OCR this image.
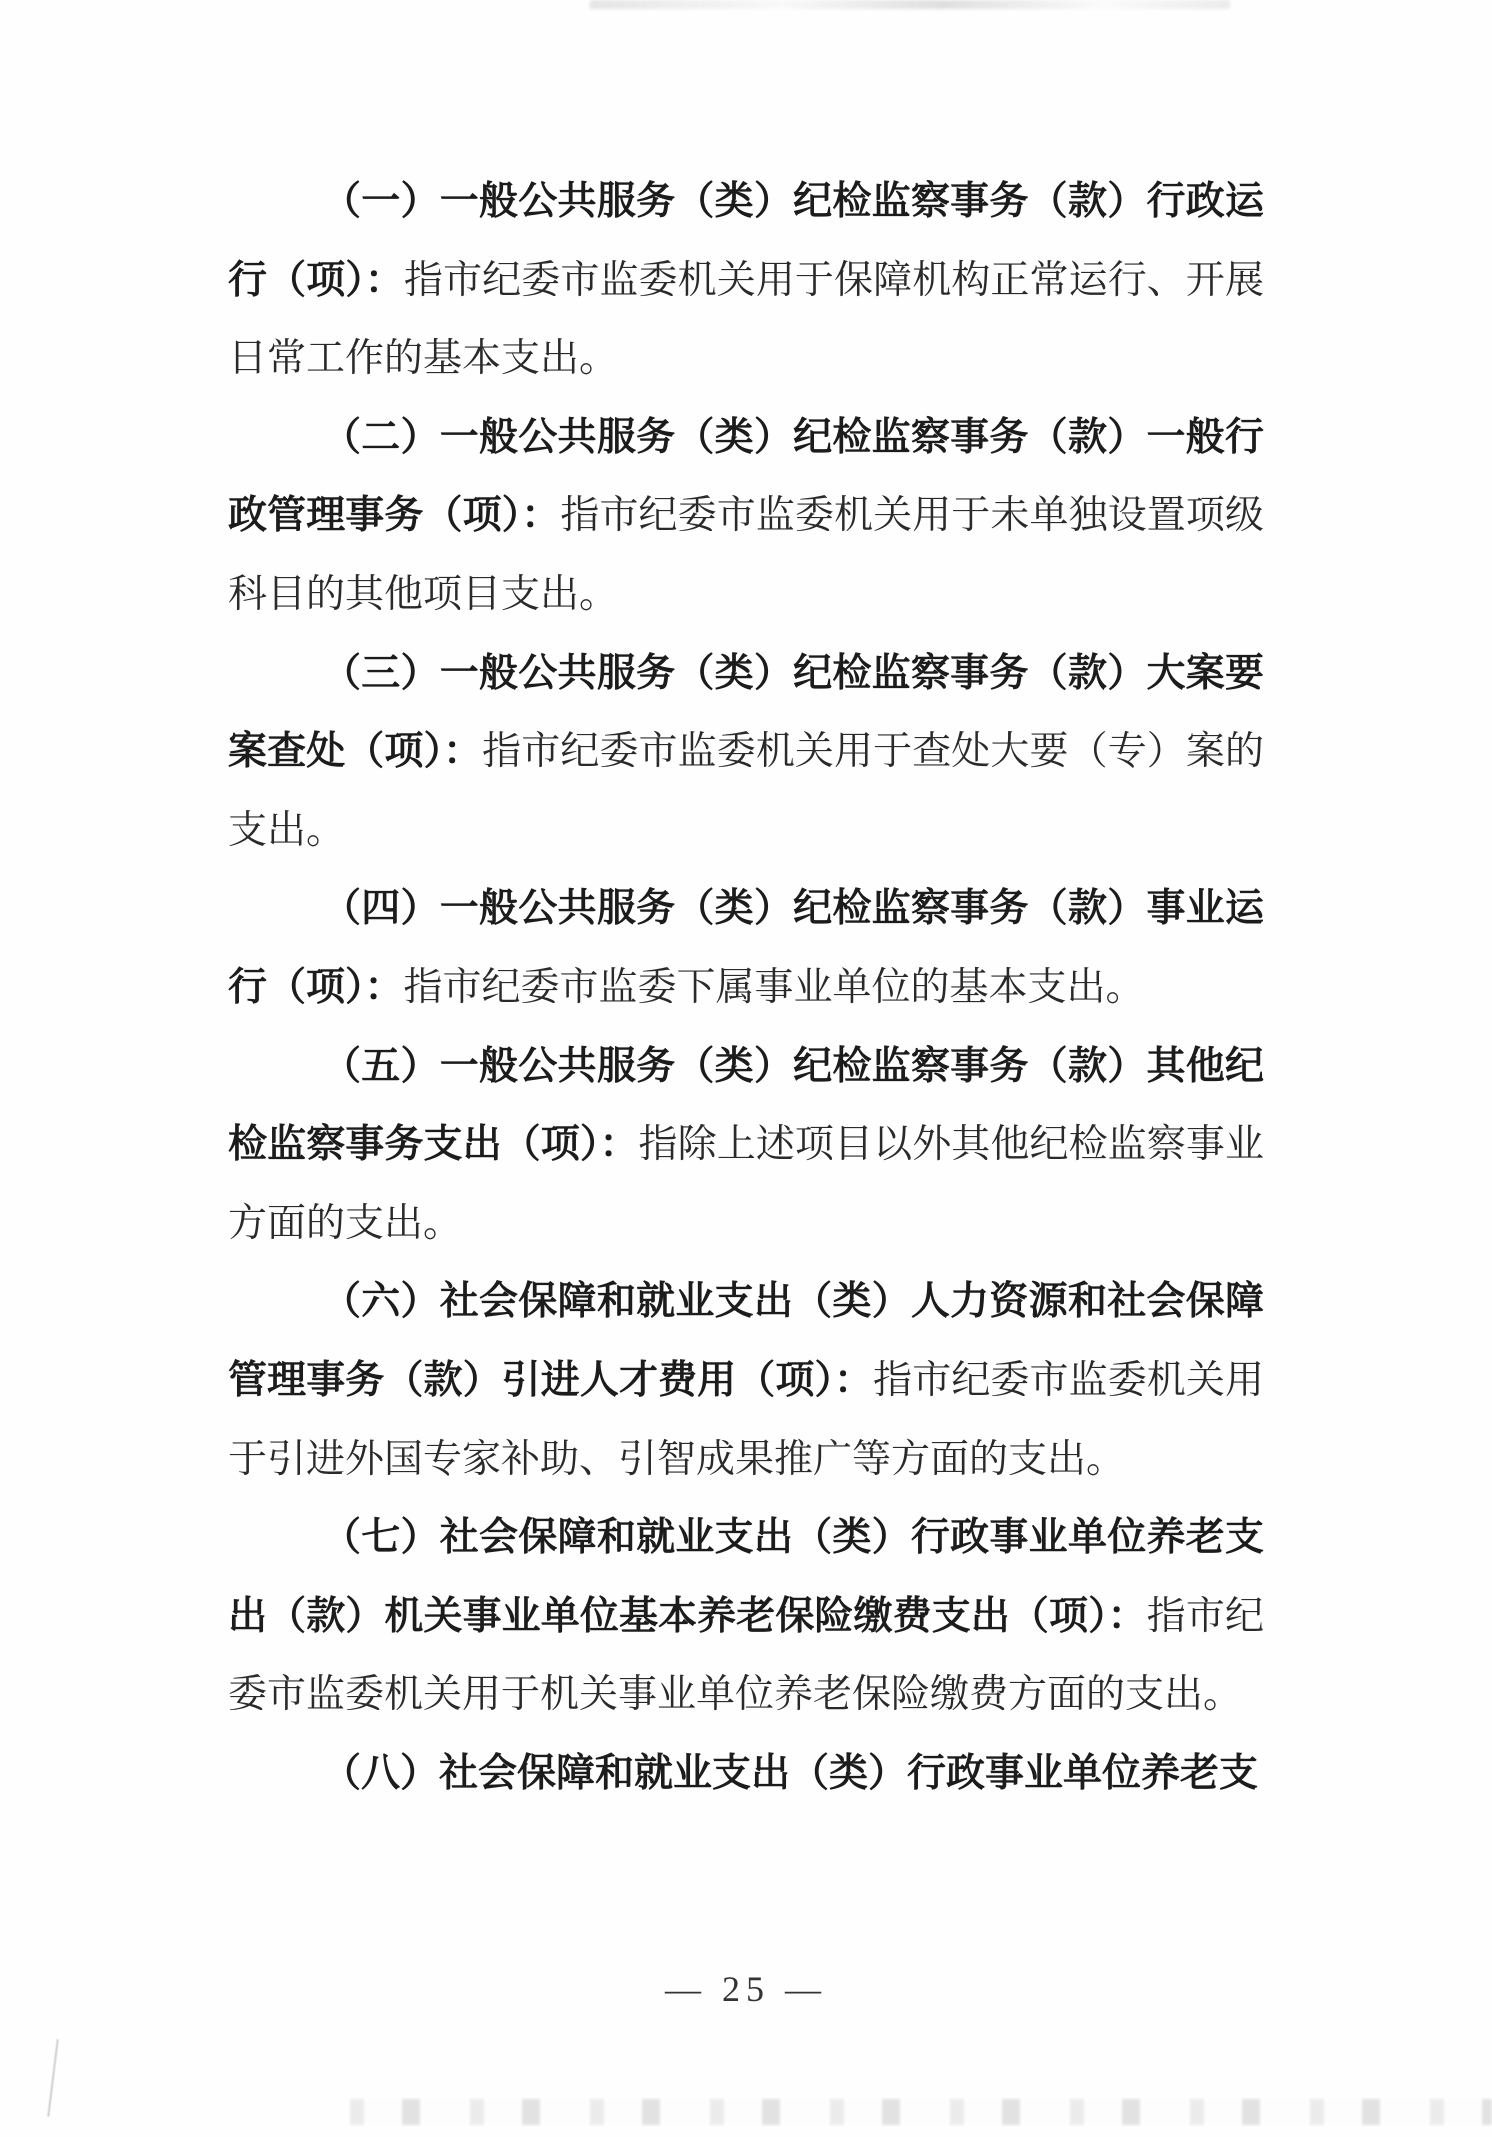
（一）一般公共服务（类）纪检监察事务（款）行政运行（项）：指市纪委市监委机关用于保障机构正常运行、开展日常工作的基本支出。

（二）一般公共服务（类）纪检监察事务（款）一般行政管理事务（项）：指市纪委市监委机关用于未单独设置项级科目的其他项目支出。

（三）一般公共服务（类）纪检监察事务（款）大案要案查处（项）：指市纪委市监委机关用于查处大要（专）案的支出。

（四）一般公共服务（类）纪检监察事务（款）事业运行（项）：指市纪委市监委下属事业单位的基本支出。

（五）一般公共服务（类）纪检监察事务（款）其他纪检监察事务支出（项）：指除上述项目以外其他纪检监察事业方面的支出。

（六）社会保障和就业支出（类）人力资源和社会保障管理事务（款）引进人才费用（项）：指市纪委市监委机关用于引进外国专家补助、引智成果推广等方面的支出。

（七）社会保障和就业支出（类）行政事业单位养老支出（款）机关事业单位基本养老保险缴费支出（项）：指市纪委市监委机关用于机关事业单位养老保险缴费方面的支出。

（八）社会保障和就业支出（类）行政事业单位养老支

— 25 —
